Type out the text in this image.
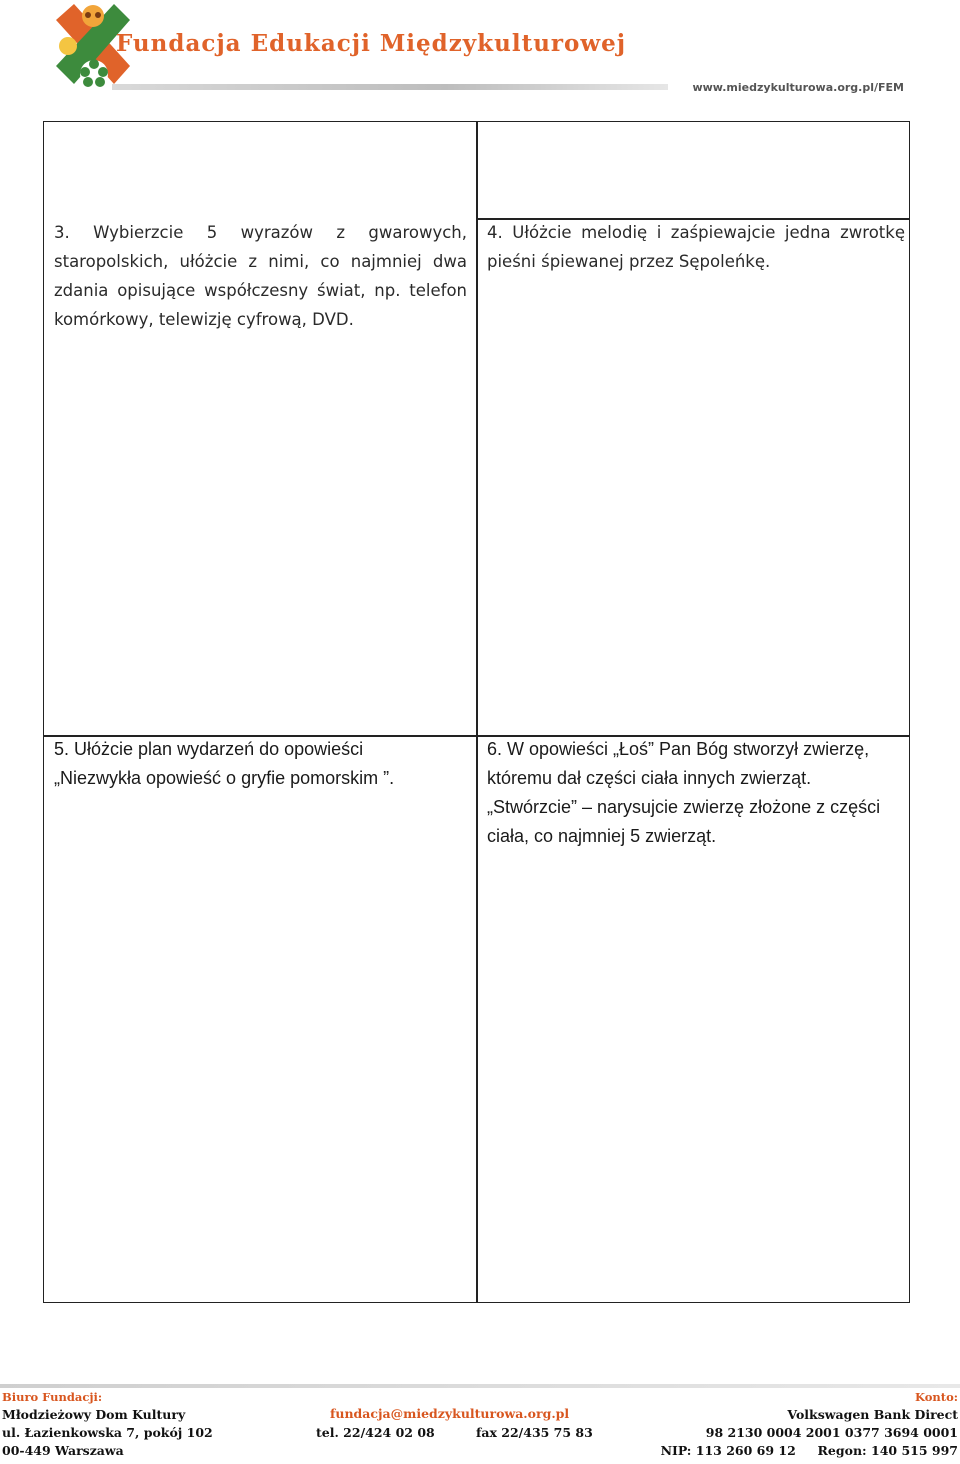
Fundacja Edukacji Międzykulturowej
www.miedzykulturowa.org.pl/FEM
3. Wybierzcie 5 wyrazów z gwarowych, staropolskich, ułóżcie z nimi, co najmniej dwa zdania opisujące współczesny świat, np. telefon komórkowy, telewizję cyfrową, DVD.
4. Ułóżcie melodię i zaśpiewajcie jedna zwrotkę pieśni śpiewanej przez Sępoleńkę.
5. Ułóżcie plan wydarzeń do opowieści
„Niezwykła opowieść o gryfie pomorskim ”.
6. W opowieści „Łoś” Pan Bóg stworzył zwierzę, któremu dał części ciała innych zwierząt. „Stwórzcie” – narysujcie zwierzę złożone z części ciała, co najmniej 5 zwierząt.
Biuro Fundacji:
Młodzieżowy Dom Kultury
ul. Łazienkowska 7, pokój 102
00-449 Warszawa
fundacja@miedzykulturowa.org.pl
tel. 22/424 02 08	fax 22/435 75 83
Konto:
Volkswagen Bank Direct
98 2130 0004 2001 0377 3694 0001
NIP: 113 260 69 12     Regon: 140 515 997
